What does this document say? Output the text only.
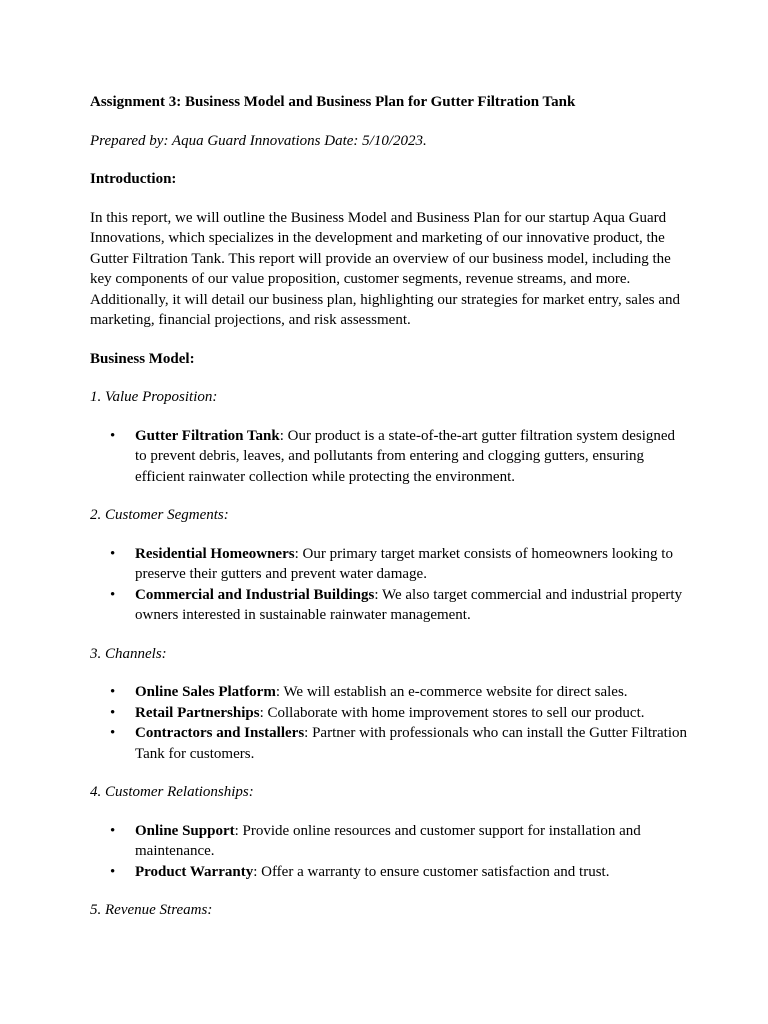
Assignment 3: Business Model and Business Plan for Gutter Filtration Tank

Prepared by: Aqua Guard Innovations Date: 5/10/2023.

Introduction:

In this report, we will outline the Business Model and Business Plan for our startup Aqua Guard Innovations, which specializes in the development and marketing of our innovative product, the Gutter Filtration Tank. This report will provide an overview of our business model, including the key components of our value proposition, customer segments, revenue streams, and more. Additionally, it will detail our business plan, highlighting our strategies for market entry, sales and marketing, financial projections, and risk assessment.

Business Model:

1. Value Proposition:

• Gutter Filtration Tank: Our product is a state-of-the-art gutter filtration system designed to prevent debris, leaves, and pollutants from entering and clogging gutters, ensuring efficient rainwater collection while protecting the environment.

2. Customer Segments:

• Residential Homeowners: Our primary target market consists of homeowners looking to preserve their gutters and prevent water damage.
• Commercial and Industrial Buildings: We also target commercial and industrial property owners interested in sustainable rainwater management.

3. Channels:

• Online Sales Platform: We will establish an e-commerce website for direct sales.
• Retail Partnerships: Collaborate with home improvement stores to sell our product.
• Contractors and Installers: Partner with professionals who can install the Gutter Filtration Tank for customers.

4. Customer Relationships:

• Online Support: Provide online resources and customer support for installation and maintenance.
• Product Warranty: Offer a warranty to ensure customer satisfaction and trust.

5. Revenue Streams:
